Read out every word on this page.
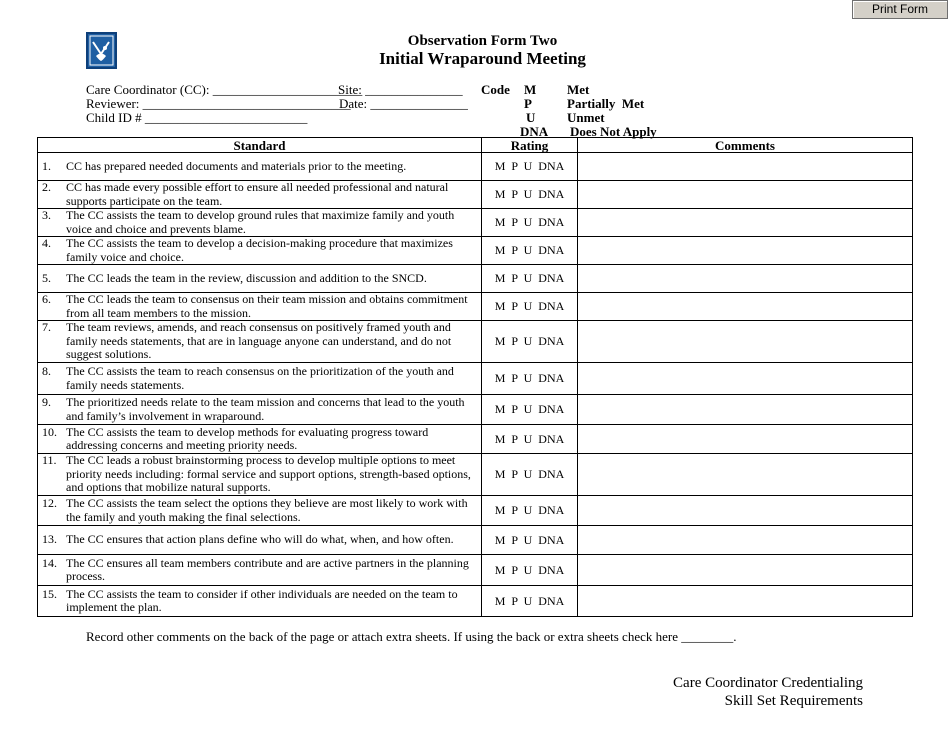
Print Form
Observation Form Two
Initial Wraparound Meeting
Care Coordinator (CC): _______________________
Site: _______________
Reviewer: ________________________________
Date: _______________
Child ID # _________________________
Code M Met
P	Partially  Met
U Unmet
DNA Does Not Apply
Standard	Rating	Comments

1. CC has prepared needed documents and materials prior to the meeting.	M P U DNA	

2. CC has made every possible effort to ensure all needed professional and natural supports participate on the team.	M P U DNA	

3. The CC assists the team to develop ground rules that maximize family and youth voice and choice and prevents blame.	M P U DNA	

4. The CC assists the team to develop a decision-making procedure that maximizes family voice and choice.	M P U DNA	

5. The CC leads the team in the review, discussion and addition to the SNCD.	M P U DNA	

6. The CC leads the team to consensus on their team mission and obtains commitment from all team members to the mission.	M P U DNA	

7. The team reviews, amends, and reach consensus on positively framed youth and family needs statements, that are in language anyone can understand, and do not suggest solutions.	M P U DNA	

8. The CC assists the team to reach consensus on the prioritization of the youth and family needs statements.	M P U DNA	

9. The prioritized needs relate to the team mission and concerns that lead to the youth and family’s involvement in wraparound.	M P U DNA	

10. The CC assists the team to develop methods for evaluating progress toward addressing concerns and meeting priority needs.	M P U DNA	

11. The CC leads a robust brainstorming process to develop multiple options to meet priority needs including: formal service and support options, strength-based options, and options that mobilize natural supports.	M P U DNA	

12. The CC assists the team select the options they believe are most likely to work with the family and youth making the final selections.	M P U DNA	

13. The CC ensures that action plans define who will do what, when, and how often.	M P U DNA	

14. The CC ensures all team members contribute and are active partners in the planning process.	M P U DNA	

15. The CC assists the team to consider if other individuals are needed on the team to implement the plan.	M P U DNA	
Record other comments on the back of the page or attach extra sheets. If using the back or extra sheets check here ________.
Care Coordinator Credentialing
Skill Set Requirements
